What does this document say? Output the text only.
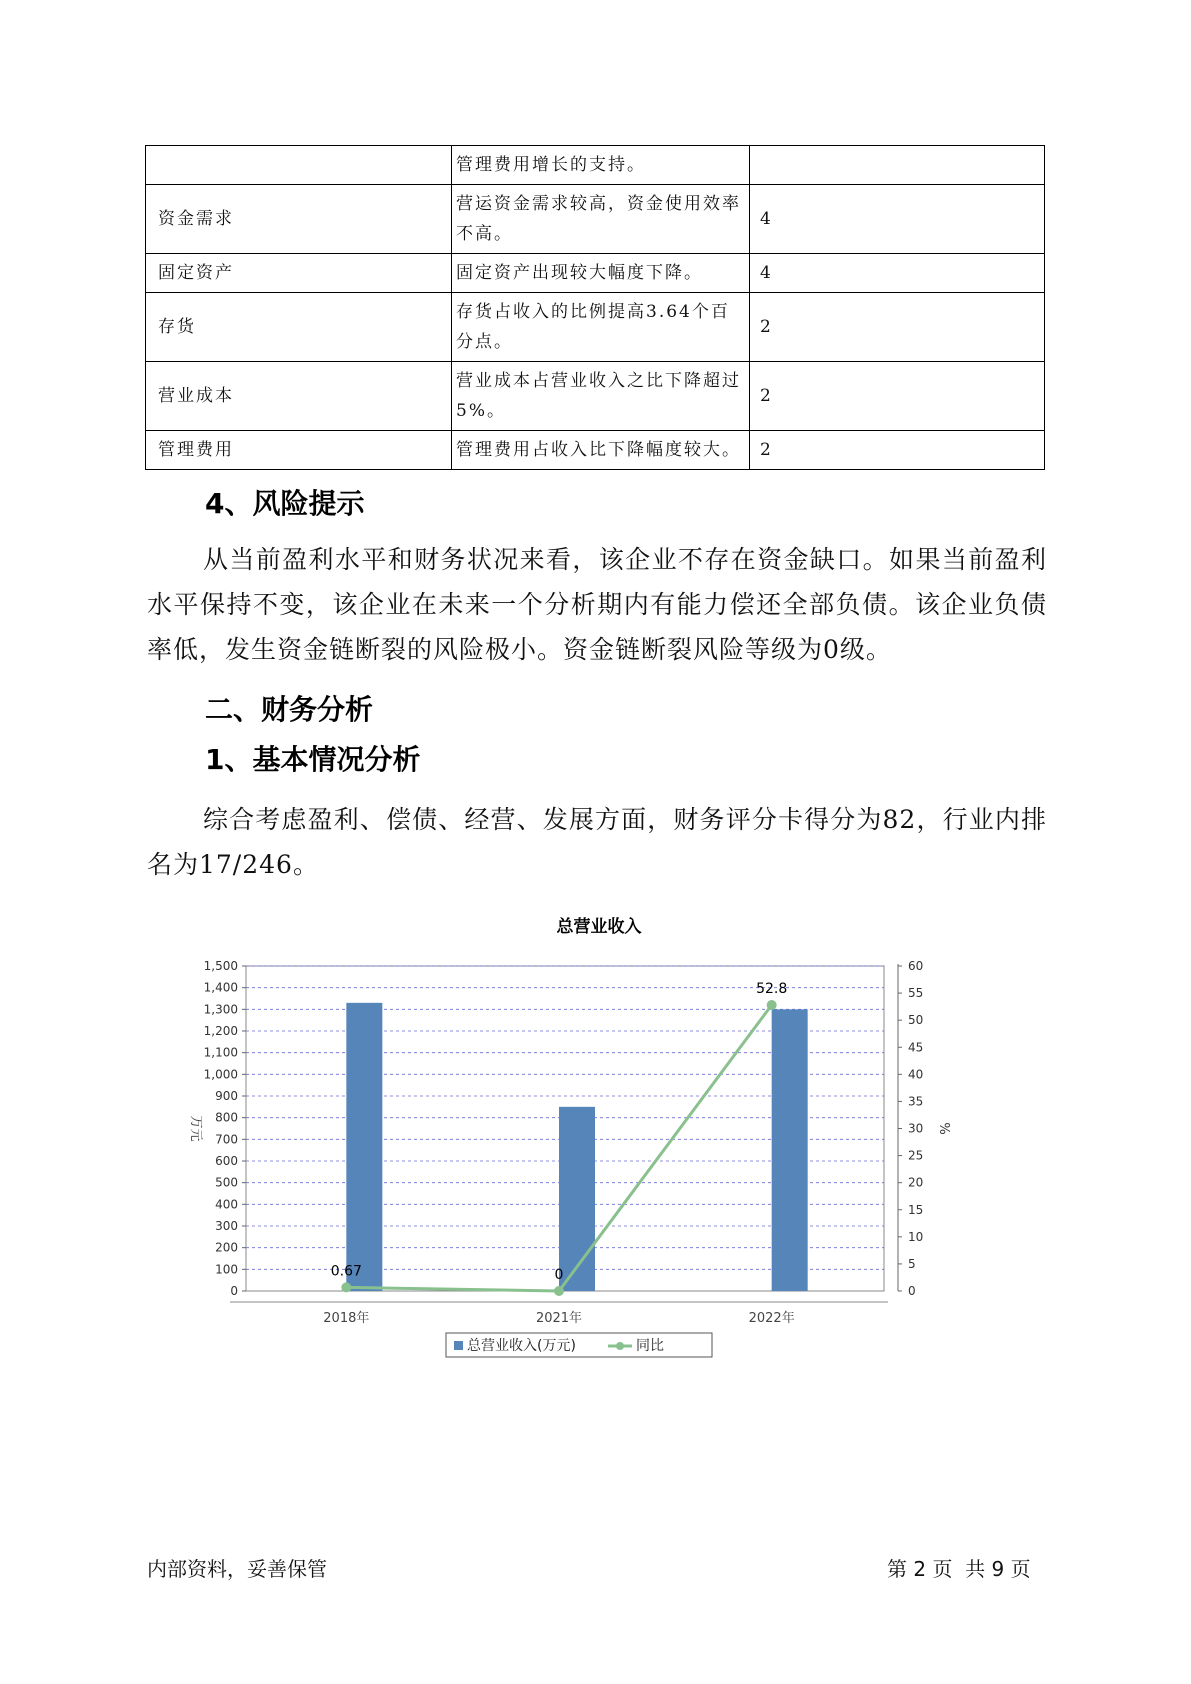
	管理费用增长的支持。	
资金需求	营运资金需求较高，资金使用效率不高。	4
固定资产	固定资产出现较大幅度下降。	4
存货	存货占收入的比例提高3.64个百分点。	2
营业成本	营业成本占营业收入之比下降超过5%。	2
管理费用	管理费用占收入比下降幅度较大。	2
4、风险提示
从当前盈利水平和财务状况来看，该企业不存在资金缺口。如果当前盈利水平保持不变，该企业在未来一个分析期内有能力偿还全部负债。该企业负债率低，发生资金链断裂的风险极小。资金链断裂风险等级为0级。
二、财务分析
1、基本情况分析
综合考虑盈利、偿债、经营、发展方面，财务评分卡得分为82，行业内排名为17/246。
总营业收入
0
100
200
300
400
500
600
700
800
900
1,000
1,100
1,200
1,300
1,400
1,500
0
5
10
15
20
25
30
35
40
45
50
55
60
万元	%
2018年	2021年	2022年
0.67	0
52.8
总营业收入(万元)	同比
内部资料，妥善保管	第 2 页  共 9 页
